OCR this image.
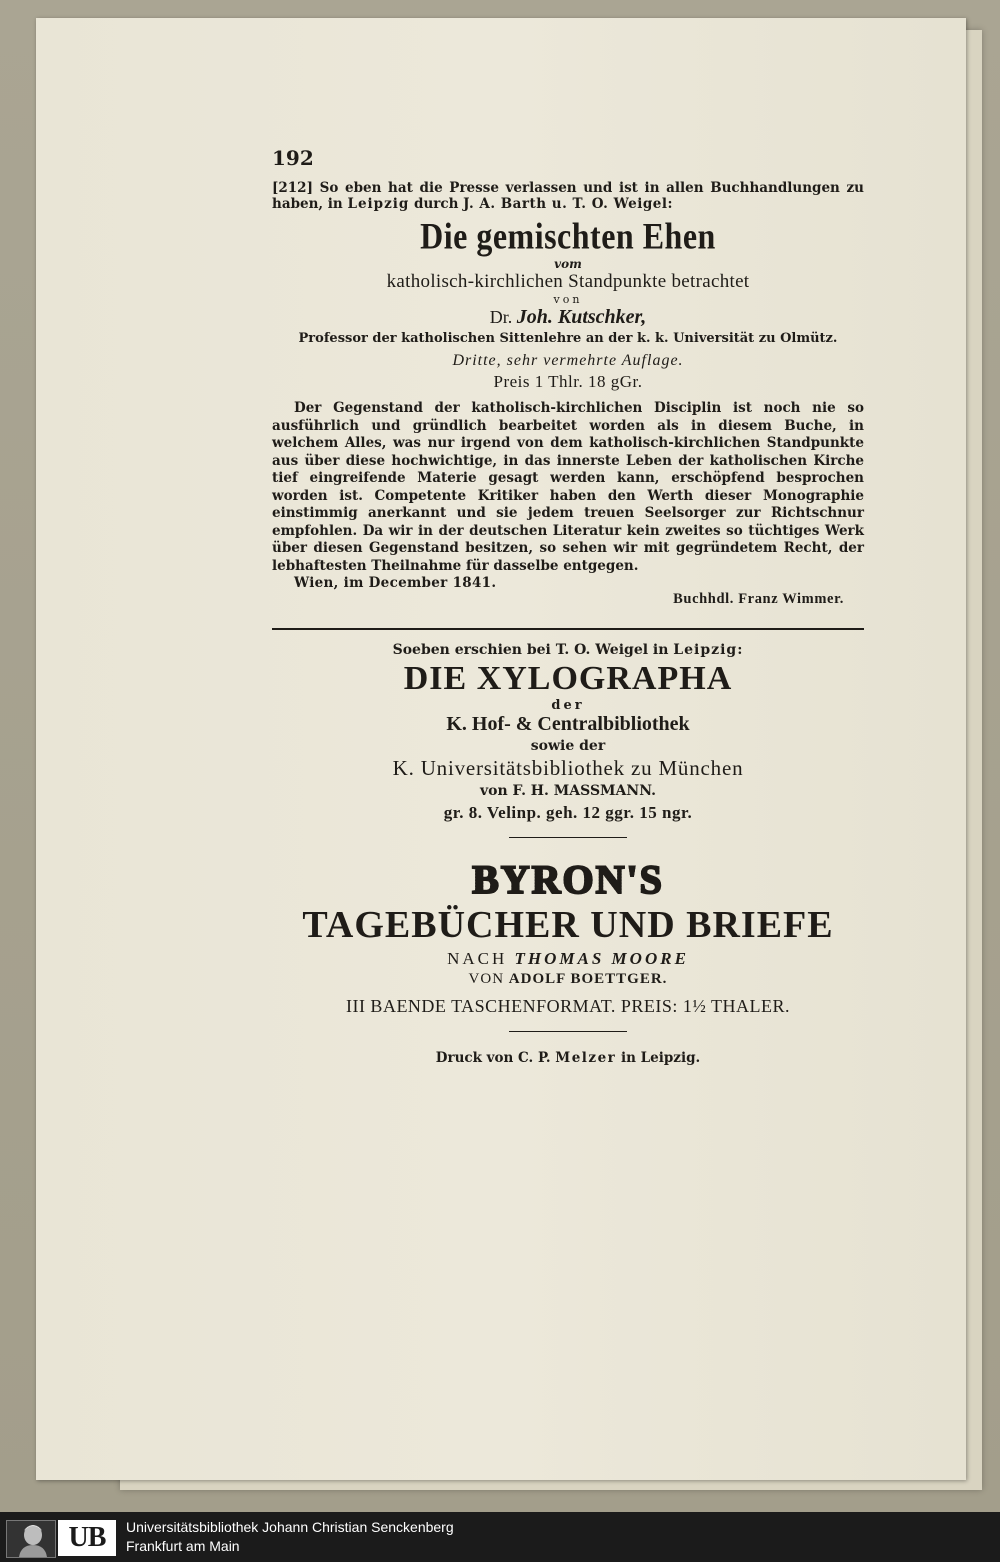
192
[212] So eben hat die Presse verlassen und ist in allen Buchhandlungen zu haben, in Leipzig durch J. A. Barth u. T. O. Weigel:
Die gemischten Ehen
vom
katholisch-kirchlichen Standpunkte betrachtet
von
Dr. Joh. Kutschker,
Professor der katholischen Sittenlehre an der k. k. Universität zu Olmütz.
Dritte, sehr vermehrte Auflage.
Preis 1 Thlr. 18 gGr.

Der Gegenstand der katholisch-kirchlichen Disciplin ist noch nie so ausführlich und gründlich bearbeitet worden als in diesem Buche, in welchem Alles, was nur irgend von dem katholisch-kirchlichen Standpunkte aus über diese hochwichtige, in das innerste Leben der katholischen Kirche tief eingreifende Materie gesagt werden kann, erschöpfend besprochen worden ist. Competente Kritiker haben den Werth dieser Monographie einstimmig anerkannt und sie jedem treuen Seelsorger zur Richtschnur empfohlen. Da wir in der deutschen Literatur kein zweites so tüchtiges Werk über diesen Gegenstand besitzen, so sehen wir mit gegründetem Recht, der lebhaftesten Theilnahme für dasselbe entgegen.

Wien, im December 1841.
Buchhdl. Franz Wimmer.
Soeben erschien bei T. O. Weigel in Leipzig:
DIE XYLOGRAPHA
der
K. Hof- & Centralbibliothek
sowie der
K. Universitätsbibliothek zu München
von F. H. MASSMANN.
gr. 8. Velinp. geh. 12 ggr. 15 ngr.
BYRON'S
TAGEBÜCHER UND BRIEFE
NACH THOMAS MOORE
VON ADOLF BOETTGER.
III BAENDE TASCHENFORMAT. PREIS: 1½ THALER.
Druck von C. P. Melzer in Leipzig.
UB	Universitätsbibliothek Johann Christian Senckenberg
Frankfurt am Main
